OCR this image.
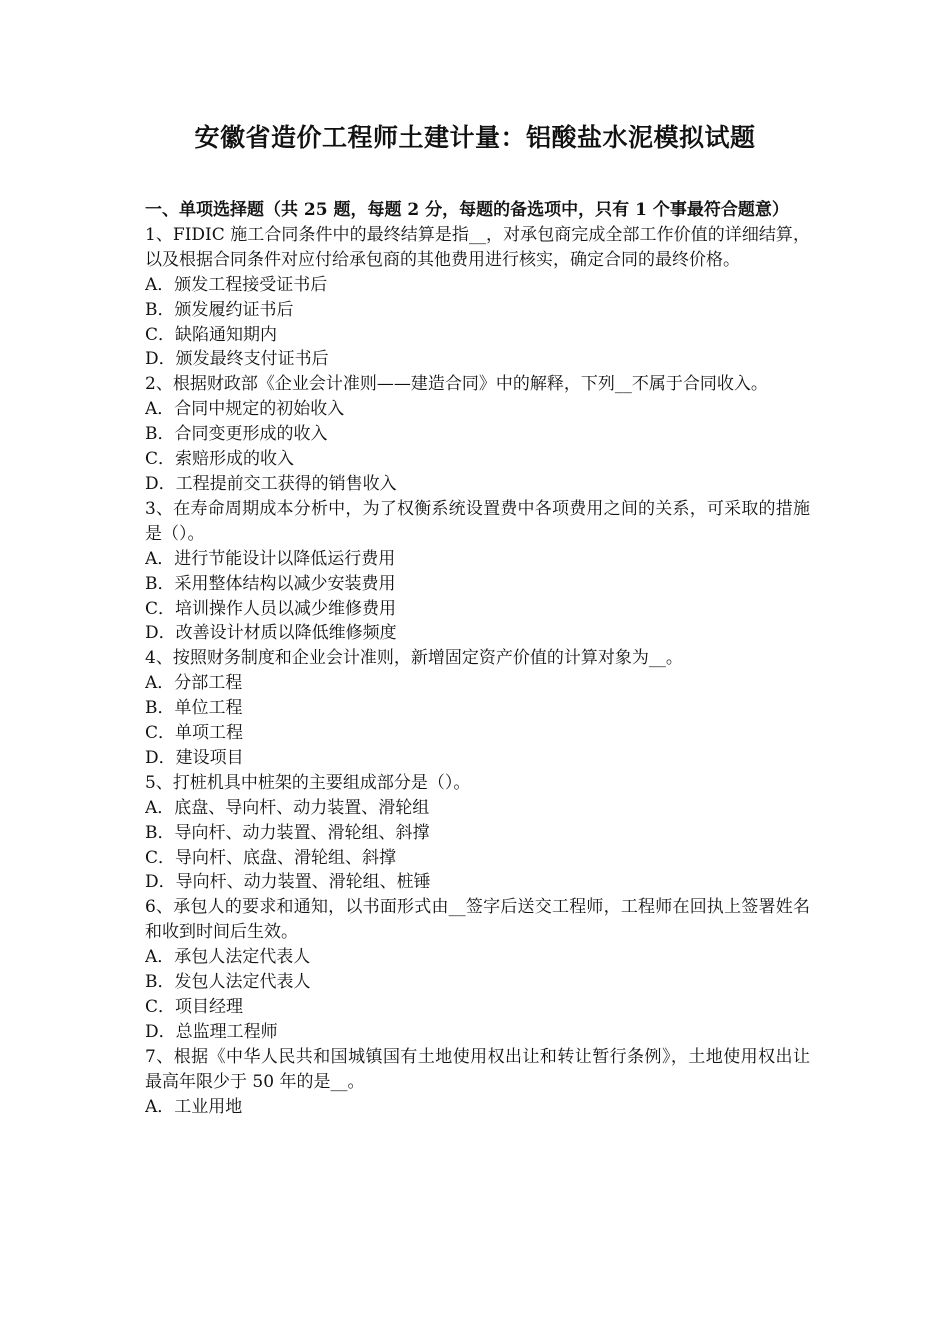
安徽省造价工程师土建计量：铝酸盐水泥模拟试题
一、单项选择题（共 25 题，每题 2 分，每题的备选项中，只有 1 个事最符合题意）
1、FIDIC 施工合同条件中的最终结算是指__，对承包商完成全部工作价值的详细结算，以及根据合同条件对应付给承包商的其他费用进行核实，确定合同的最终价格。
A．颁发工程接受证书后
B．颁发履约证书后
C．缺陷通知期内
D．颁发最终支付证书后
2、根据财政部《企业会计准则——建造合同》中的解释，下列__不属于合同收入。
A．合同中规定的初始收入
B．合同变更形成的收入
C．索赔形成的收入
D．工程提前交工获得的销售收入
3、在寿命周期成本分析中，为了权衡系统设置费中各项费用之间的关系，可采取的措施是（）。
A．进行节能设计以降低运行费用
B．采用整体结构以减少安装费用
C．培训操作人员以减少维修费用
D．改善设计材质以降低维修频度
4、按照财务制度和企业会计准则，新增固定资产价值的计算对象为__。
A．分部工程
B．单位工程
C．单项工程
D．建设项目
5、打桩机具中桩架的主要组成部分是（）。
A．底盘、导向杆、动力装置、滑轮组
B．导向杆、动力装置、滑轮组、斜撑
C．导向杆、底盘、滑轮组、斜撑
D．导向杆、动力装置、滑轮组、桩锤
6、承包人的要求和通知，以书面形式由__签字后送交工程师，工程师在回执上签署姓名和收到时间后生效。
A．承包人法定代表人
B．发包人法定代表人
C．项目经理
D．总监理工程师
7、根据《中华人民共和国城镇国有土地使用权出让和转让暂行条例》，土地使用权出让最高年限少于 50 年的是__。
A．工业用地
